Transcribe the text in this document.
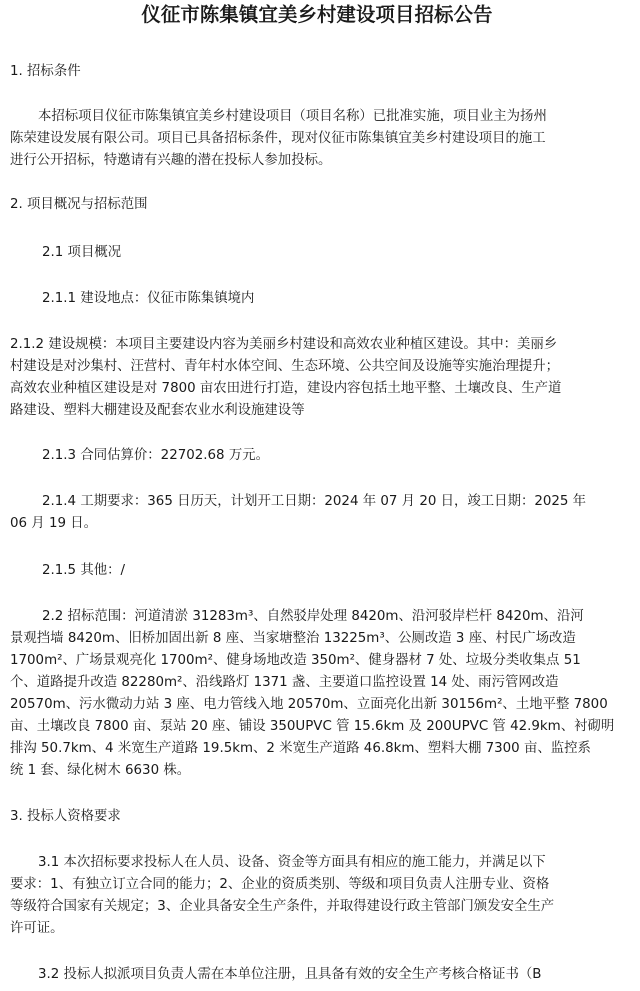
仪征市陈集镇宜美乡村建设项目招标公告
1. 招标条件
本招标项目仪征市陈集镇宜美乡村建设项目（项目名称）已批准实施，项目业主为扬州
陈荣建设发展有限公司。项目已具备招标条件，现对仪征市陈集镇宜美乡村建设项目的施工
进行公开招标，特邀请有兴趣的潜在投标人参加投标。
2. 项目概况与招标范围
2.1 项目概况
2.1.1 建设地点：仪征市陈集镇境内
2.1.2 建设规模：本项目主要建设内容为美丽乡村建设和高效农业种植区建设。其中：美丽乡
村建设是对沙集村、汪营村、青年村水体空间、生态环境、公共空间及设施等实施治理提升；
高效农业种植区建设是对 7800 亩农田进行打造，建设内容包括土地平整、土壤改良、生产道
路建设、塑料大棚建设及配套农业水利设施建设等
2.1.3 合同估算价：22702.68 万元。
2.1.4 工期要求：365 日历天，计划开工日期：2024 年 07 月 20 日，竣工日期：2025 年
06 月 19 日。
2.1.5 其他：/
2.2 招标范围：河道清淤 31283m³、自然驳岸处理 8420m、沿河驳岸栏杆 8420m、沿河
景观挡墙 8420m、旧桥加固出新 8 座、当家塘整治 13225m³、公厕改造 3 座、村民广场改造
1700m²、广场景观亮化 1700m²、健身场地改造 350m²、健身器材 7 处、垃圾分类收集点 51
个、道路提升改造 82280m²、沿线路灯 1371 盏、主要道口监控设置 14 处、雨污管网改造
20570m、污水微动力站 3 座、电力管线入地 20570m、立面亮化出新 30156m²、土地平整 7800
亩、土壤改良 7800 亩、泵站 20 座、铺设 350UPVC 管 15.6km 及 200UPVC 管 42.9km、衬砌明
排沟 50.7km、4 米宽生产道路 19.5km、2 米宽生产道路 46.8km、塑料大棚 7300 亩、监控系
统 1 套、绿化树木 6630 株。
3. 投标人资格要求
3.1 本次招标要求投标人在人员、设备、资金等方面具有相应的施工能力，并满足以下
要求：1、有独立订立合同的能力；2、企业的资质类别、等级和项目负责人注册专业、资格
等级符合国家有关规定；3、企业具备安全生产条件，并取得建设行政主管部门颁发安全生产
许可证。
3.2 投标人拟派项目负责人需在本单位注册，且具备有效的安全生产考核合格证书（B
